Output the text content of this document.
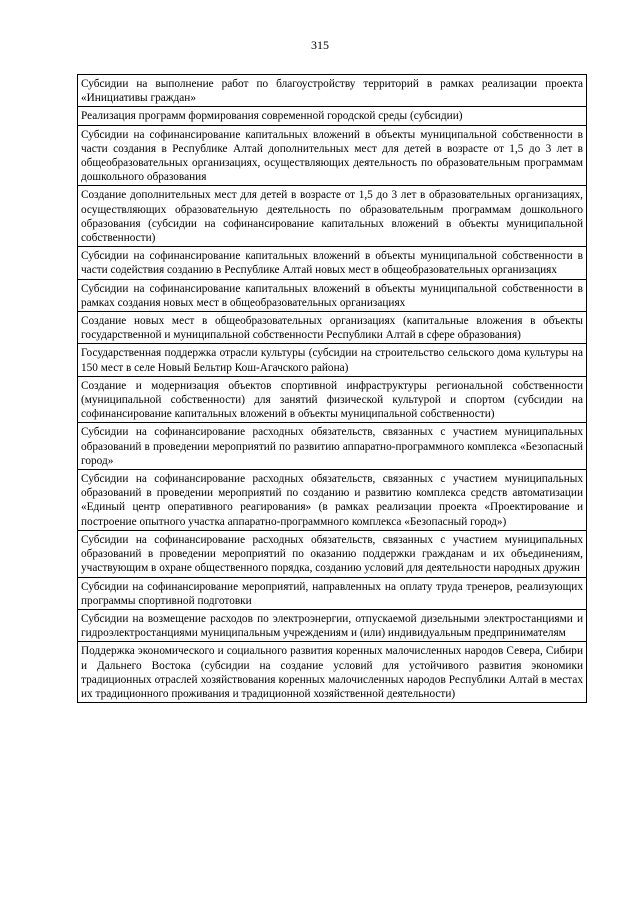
315
Субсидии на выполнение работ по благоустройству территорий в рамках реализации проекта «Инициативы граждан»
Реализация программ формирования современной городской среды (субсидии)
Субсидии на софинансирование капитальных вложений в объекты муниципальной собственности в части создания в Республике Алтай дополнительных мест для детей в возрасте от 1,5 до 3 лет в общеобразовательных организациях, осуществляющих деятельность по образовательным программам дошкольного образования
Создание дополнительных мест для детей в возрасте от 1,5 до 3 лет в образовательных организациях, осуществляющих образовательную деятельность по образовательным программам дошкольного образования (субсидии на софинансирование капитальных вложений в объекты муниципальной собственности)
Субсидии на софинансирование капитальных вложений в объекты муниципальной собственности в части содействия созданию в Республике Алтай новых мест в общеобразовательных организациях
Субсидии на софинансирование капитальных вложений в объекты муниципальной собственности в рамках создания новых мест в общеобразовательных организациях
Создание новых мест в общеобразовательных организациях (капитальные вложения в объекты государственной и муниципальной собственности Республики Алтай в сфере образования)
Государственная поддержка отрасли культуры (субсидии на строительство сельского дома культуры на 150 мест в селе Новый Бельтир Кош-Агачского района)
Создание и модернизация объектов спортивной инфраструктуры региональной собственности (муниципальной собственности) для занятий физической культурой и спортом (субсидии на софинансирование капитальных вложений в объекты муниципальной собственности)
Субсидии на софинансирование расходных обязательств, связанных с участием муниципальных образований в проведении мероприятий по развитию аппаратно-программного комплекса «Безопасный город»
Субсидии на софинансирование расходных обязательств, связанных с участием муниципальных образований в проведении мероприятий по созданию и развитию комплекса средств автоматизации «Единый центр оперативного реагирования» (в рамках реализации проекта «Проектирование и построение опытного участка аппаратно-программного комплекса «Безопасный город»)
Субсидии на софинансирование расходных обязательств, связанных с участием муниципальных образований в проведении мероприятий по оказанию поддержки гражданам и их объединениям, участвующим в охране общественного порядка, созданию условий для деятельности народных дружин
Субсидии на софинансирование мероприятий, направленных на оплату труда тренеров, реализующих программы спортивной подготовки
Субсидии на возмещение расходов по электроэнергии, отпускаемой дизельными электростанциями и гидроэлектростанциями муниципальным учреждениям и (или) индивидуальным предпринимателям
Поддержка экономического и социального развития коренных малочисленных народов Севера, Сибири и Дальнего Востока (субсидии на создание условий для устойчивого развития экономики традиционных отраслей хозяйствования коренных малочисленных народов Республики Алтай в местах их традиционного проживания и традиционной хозяйственной деятельности)
